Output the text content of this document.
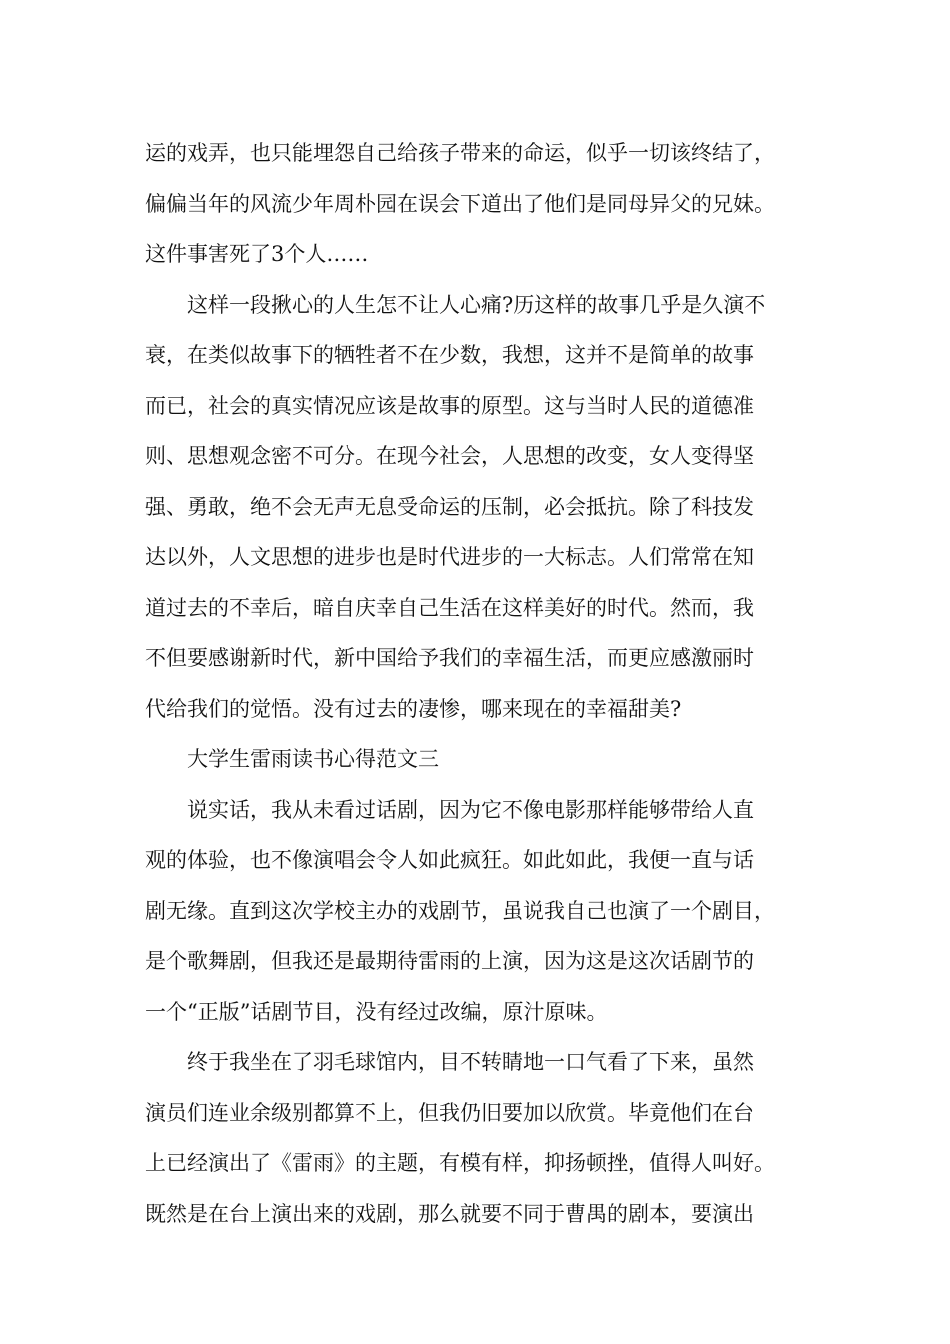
运的戏弄，也只能埋怨自己给孩子带来的命运，似乎一切该终结了，
偏偏当年的风流少年周朴园在误会下道出了他们是同母异父的兄妹。
这件事害死了3个人……
这样一段揪心的人生怎不让人心痛?历这样的故事几乎是久演不
衰，在类似故事下的牺牲者不在少数，我想，这并不是简单的故事
而已，社会的真实情况应该是故事的原型。这与当时人民的道德准
则、思想观念密不可分。在现今社会，人思想的改变，女人变得坚
强、勇敢，绝不会无声无息受命运的压制，必会抵抗。除了科技发
达以外，人文思想的进步也是时代进步的一大标志。人们常常在知
道过去的不幸后，暗自庆幸自己生活在这样美好的时代。然而，我
不但要感谢新时代，新中国给予我们的幸福生活，而更应感激丽时
代给我们的觉悟。没有过去的凄惨，哪来现在的幸福甜美?
大学生雷雨读书心得范文三
说实话，我从未看过话剧，因为它不像电影那样能够带给人直
观的体验，也不像演唱会令人如此疯狂。如此如此，我便一直与话
剧无缘。直到这次学校主办的戏剧节，虽说我自己也演了一个剧目，
是个歌舞剧，但我还是最期待雷雨的上演，因为这是这次话剧节的
一个“正版”话剧节目，没有经过改编，原汁原味。
终于我坐在了羽毛球馆内，目不转睛地一口气看了下来，虽然
演员们连业余级别都算不上，但我仍旧要加以欣赏。毕竟他们在台
上已经演出了《雷雨》的主题，有模有样，抑扬顿挫，值得人叫好。
既然是在台上演出来的戏剧，那么就要不同于曹禺的剧本，要演出
